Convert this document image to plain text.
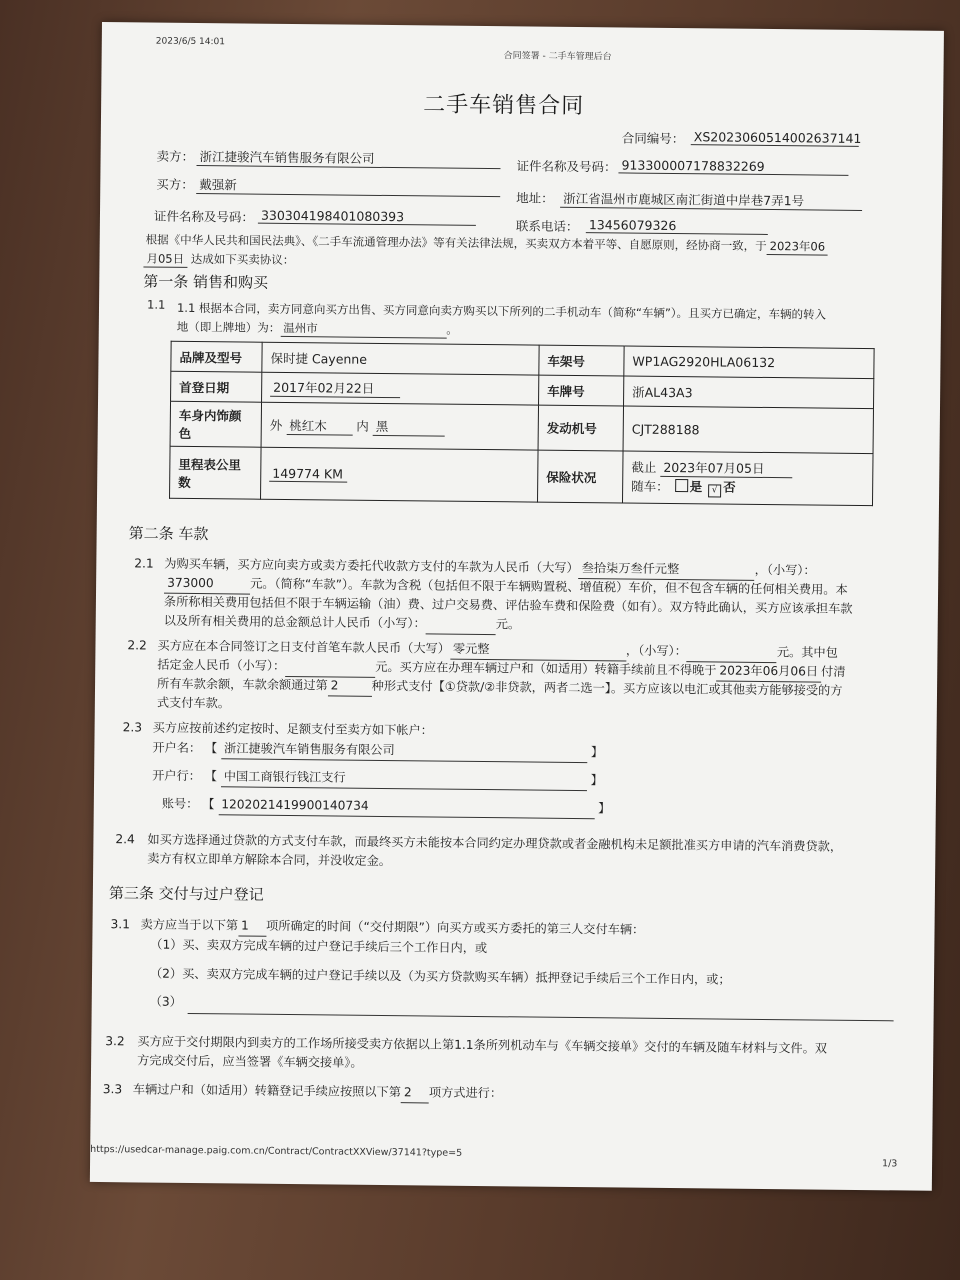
2023/6/5 14:01
合同签署 - 二手车管理后台
二手车销售合同
合同编号： XS202306051400263714​1
卖方： 浙江捷骏汽车销售服务有限公司
证件名称及号码： 913300007178832269
买方： 戴强新
地址： 浙江省温州市鹿城区南汇街道中岸巷7弄1号
证件名称及号码： 330304198401080393
联系电话： 13456079326
根据《中华人民共和国民法典》、《二手车流通管理办法》等有关法律法规，买卖双方本着平等、自愿原则，经协商一致，于 2023年06
月05日 达成如下买卖协议：
第一条 销售和购买
1.1 1.1 根据本合同，卖方同意向买方出售、买方同意向卖方购买以下所列的二手机动车（简称“车辆”）。且买方已确定，车辆的转入
地（即上牌地）为： 温州市	。
品牌及型号	保时捷 Cayenne	车架号	WP1AG2920HLA06132
首登日期	2017年02月22日	车牌号	浙AL43A3
车身内饰颜色	外 桃红木 内 黑	发动机号	CJT288188
里程表公里数	149774 KM	保险状况	截止 2023年07月05日
随车： 是 √ 否
第二条 车款
2.1 为购买车辆，买方应向卖方或卖方委托代收款方支付的车款为人民币（大写） 叁拾柒万叁仟元整	，（小写）：
373000	元。（简称“车款”）。车款为含税（包括但不限于车辆购置税、增值税）车价，但不包含车辆的任何相关费用。本
条所称相关费用包括但不限于车辆运输（油）费、过户交易费、评估验车费和保险费（如有）。双方特此确认，买方应该承担车款
以及所有相关费用的总金额总计人民币（小写）：	元。
2.2 买方应在本合同签订之日支付首笔车款人民币（大写） 零元整	，（小写）：	元。其中包
括定金人民币（小写）：	元。买方应在办理车辆过户和（如适用）转籍手续前且不得晚于 2023年06月06日 付清
所有车款余额，车款余额通过第 2	种形式支付【①贷款/②非贷款，两者二选一】。买方应该以电汇或其他卖方能够接受的方
式支付车款。
2.3 买方应按前述约定按时、足额支付至卖方如下帐户：
开户名： 【 浙江捷骏汽车销售服务有限公司	】
开户行： 【 中国工商银行钱江支行	】
账号： 【 1202021419900140734	】
2.4 如买方选择通过贷款的方式支付车款，而最终买方未能按本合同约定办理贷款或者金融机构未足额批准买方申请的汽车消费贷款，
卖方有权立即单方解除本合同，并没收定金。
第三条 交付与过户登记
3.1 卖方应当于以下第 1 项所确定的时间（“交付期限”）向买方或买方委托的第三人交付车辆：
（1）买、卖双方完成车辆的过户登记手续后三个工作日内，或
（2）买、卖双方完成车辆的过户登记手续以及（为买方贷款购买车辆）抵押登记手续后三个工作日内，或；
（3）
3.2 买方应于交付期限内到卖方的工作场所接受卖方依据以上第1.1条所列机动车与《车辆交接单》交付的车辆及随车材料与文件。双
方完成交付后，应当签署《车辆交接单》。
3.3 车辆过户和（如适用）转籍登记手续应按照以下第 2 项方式进行：
https://usedcar-manage.paig.com.cn/Contract/ContractXXView/37141?type=5
1/3
